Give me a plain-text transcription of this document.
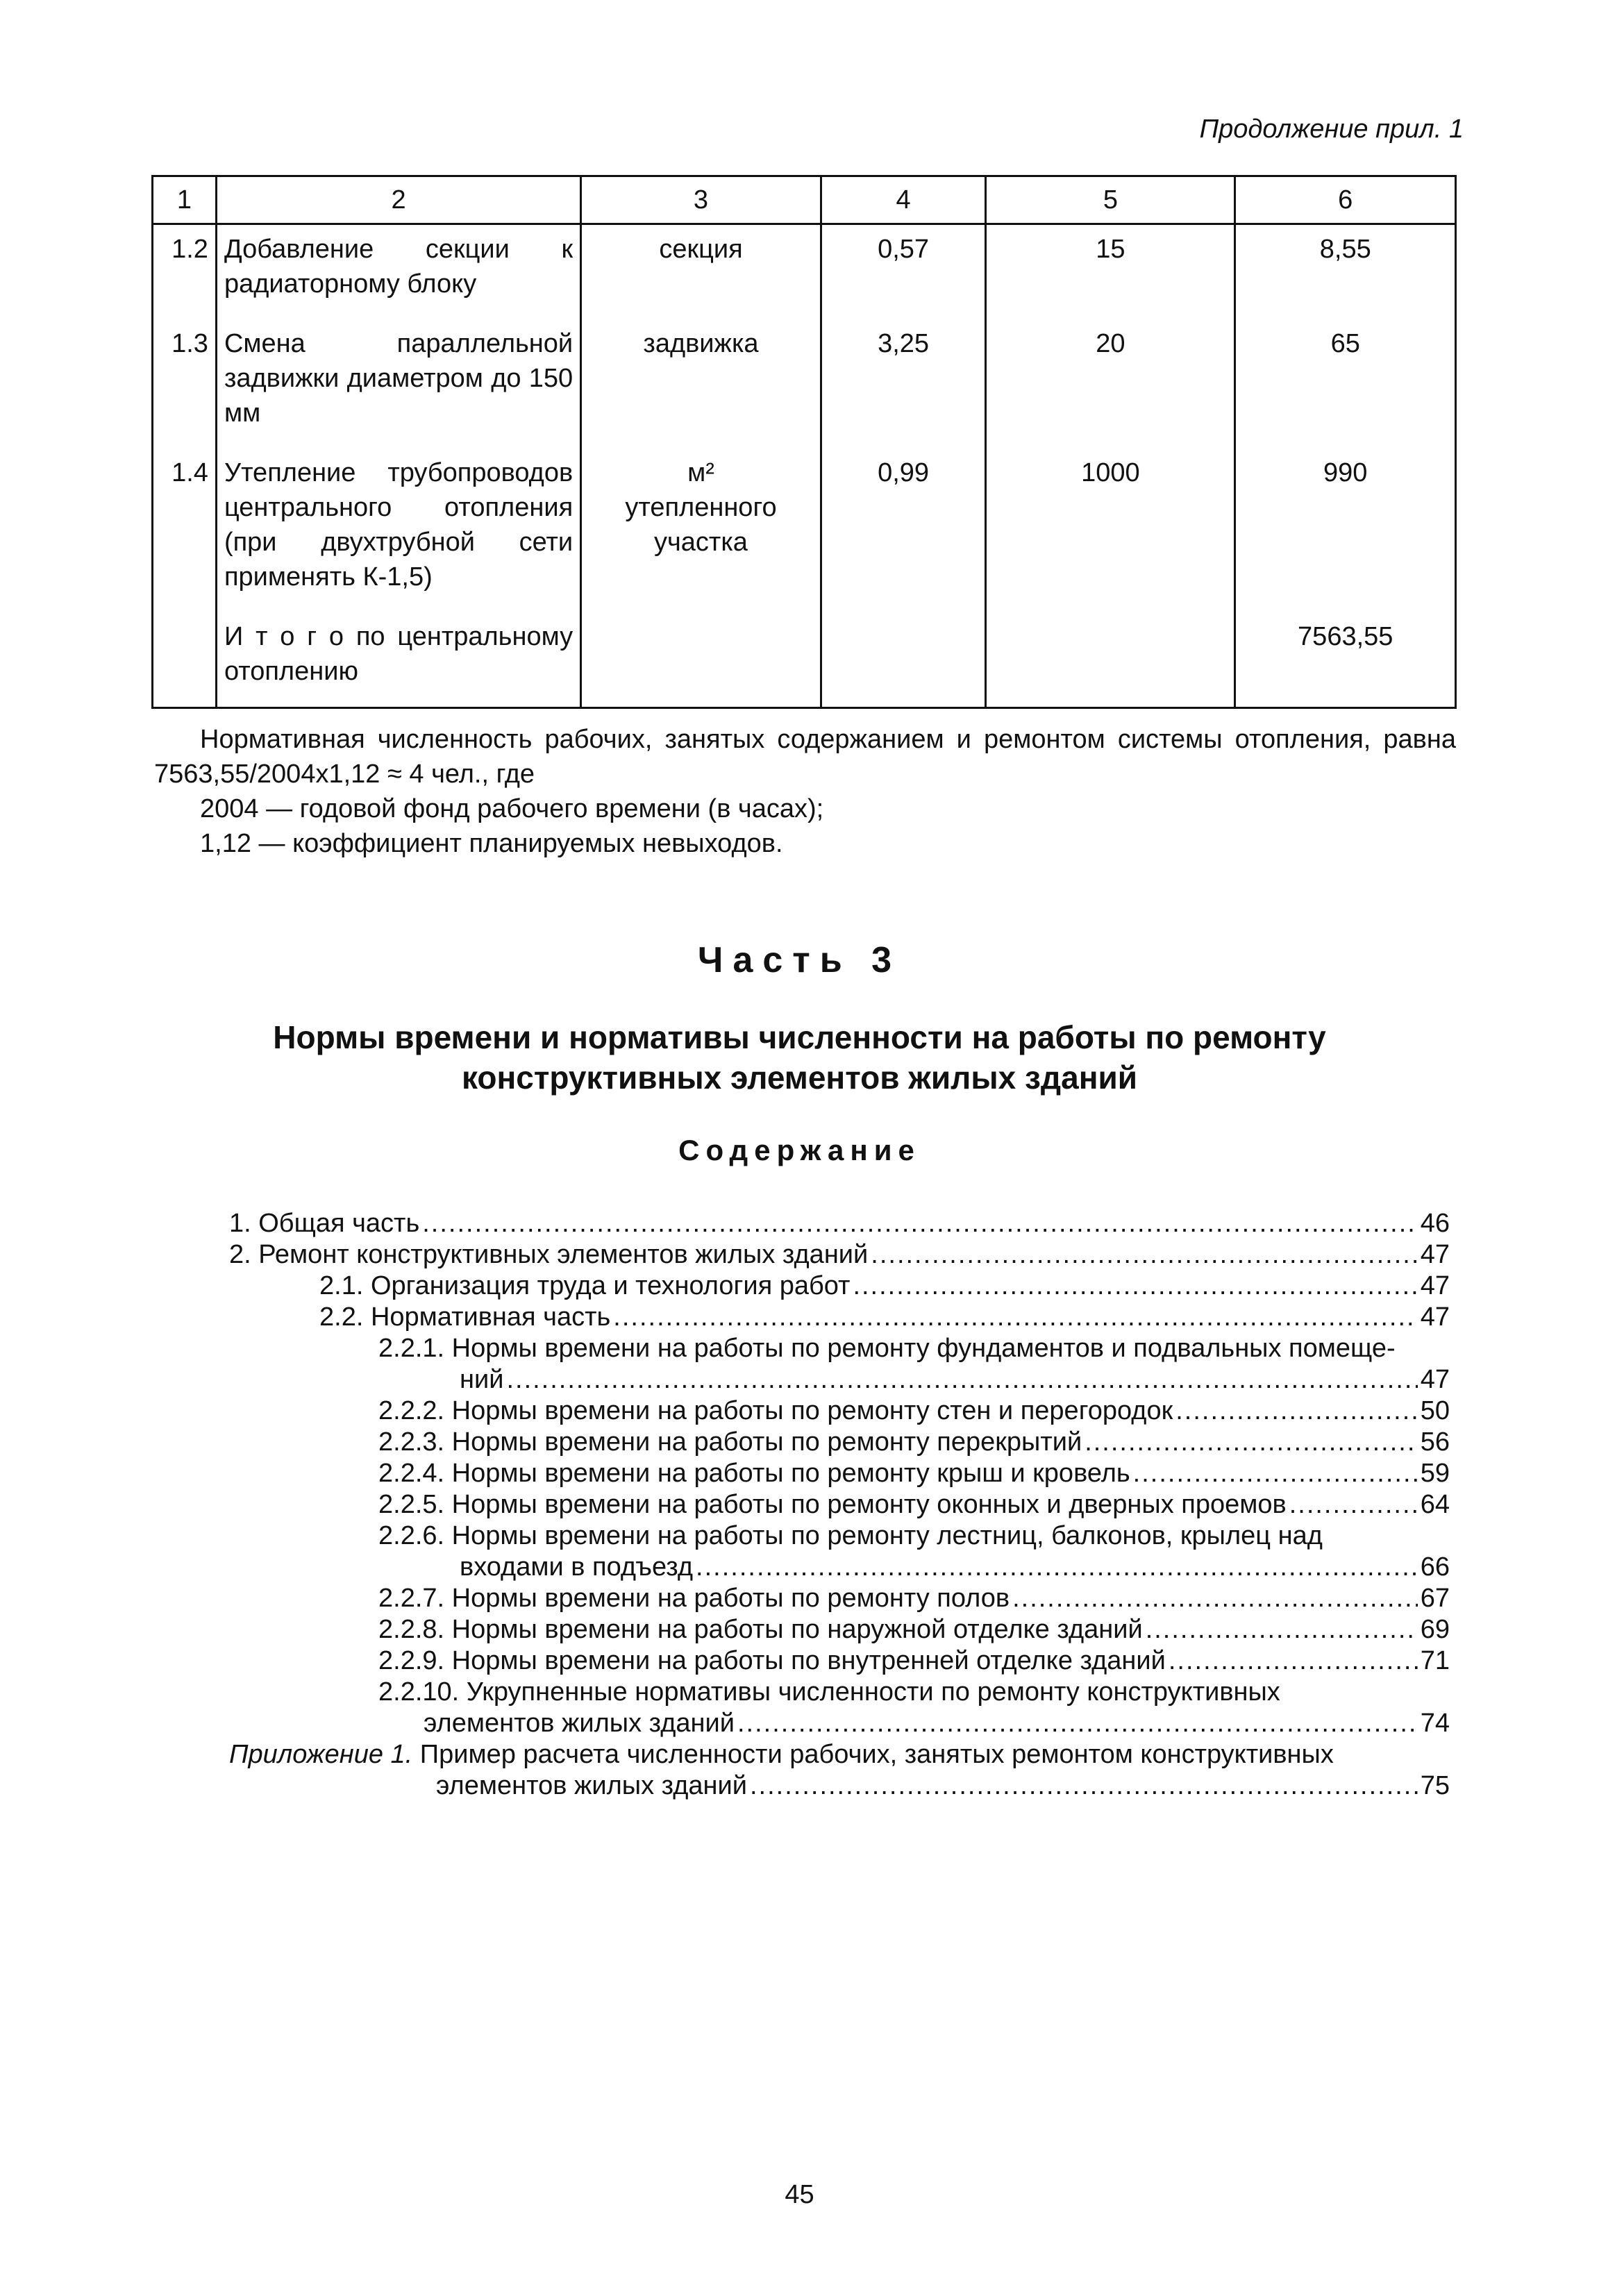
Продолжение прил. 1
1	2	3	4	5	6
1.2	Добавление секции к радиаторному блоку	секция	0,57	15	8,55
1.3	Смена параллельной задвижки диаметром до 150 мм	задвижка	3,25	20	65
1.4	Утепление трубопроводов центрального отопления (при двухтрубной сети применять К-1,5)	м²
утепленного
участка	0,99	1000	990
	И т о г о по центральному отоплению				7563,55

Нормативная численность рабочих, занятых содержанием и ремонтом системы отопления, равна 7563,55/2004х1,12 ≈ 4 чел., где

2004 — годовой фонд рабочего времени (в часах);

1,12 — коэффициент планируемых невыходов.

Часть 3
Нормы времени и нормативы численности на работы по ремонту
конструктивных элементов жилых зданий
Содержание
1. Общая часть .....	46
2. Ремонт конструктивных элементов жилых зданий .....	47
2.1. Организация труда и технология работ .....	47
2.2. Нормативная часть .....	47
2.2.1. Нормы времени на работы по ремонту фундаментов и подвальных помеще-
ний .....	47
2.2.2. Нормы времени на работы по ремонту стен и перегородок .....	50
2.2.3. Нормы времени на работы по ремонту перекрытий .....	56
2.2.4. Нормы времени на работы по ремонту крыш и кровель .....	59
2.2.5. Нормы времени на работы по ремонту оконных и дверных проемов .....	64
2.2.6. Нормы времени на работы по ремонту лестниц, балконов, крылец над
входами в подъезд .....	66
2.2.7. Нормы времени на работы по ремонту полов .....	67
2.2.8. Нормы времени на работы по наружной отделке зданий .....	69
2.2.9. Нормы времени на работы по внутренней отделке зданий .....	71
2.2.10. Укрупненные нормативы численности по ремонту конструктивных
элементов жилых зданий .....	74
Приложение 1. Пример расчета численности рабочих, занятых ремонтом конструктивных
элементов жилых зданий .....	75
45
